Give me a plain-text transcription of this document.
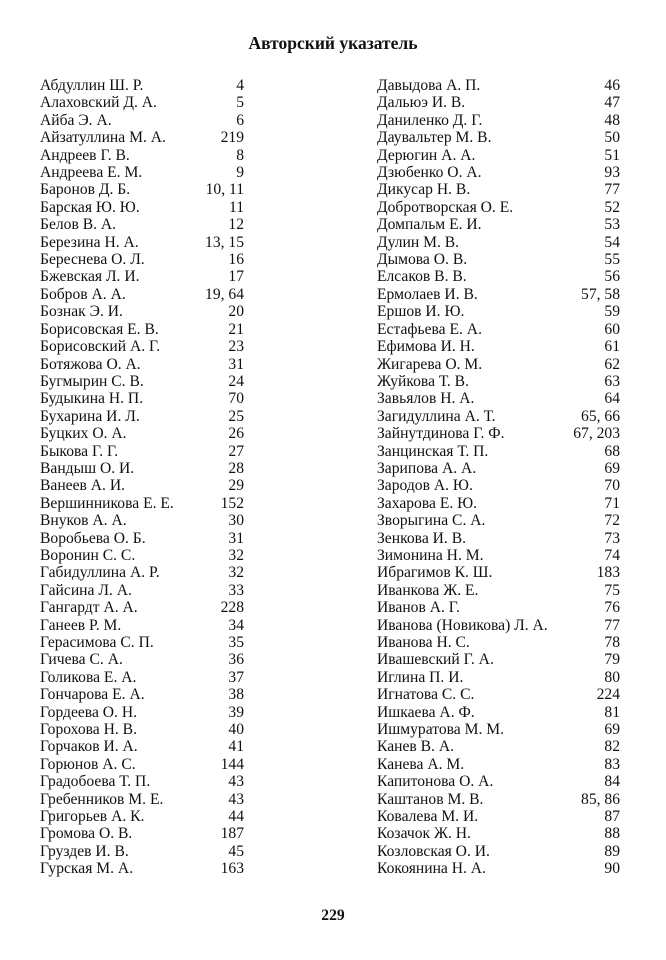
Авторский указатель
Абдуллин Ш. Р.	4
Алаховский Д. А.	5
Айба Э. А.	6
Айзатуллина М. А.	219
Андреев Г. В.	8
Андреева Е. М.	9
Баронов Д. Б.	10, 11
Барская Ю. Ю.	11
Белов В. А.	12
Березина Н. А.	13, 15
Береснева О. Л.	16
Бжевская Л. И.	17
Бобров А. А.	19, 64
Бознак Э. И.	20
Борисовская Е. В.	21
Борисовский А. Г.	23
Ботяжова О. А.	31
Бугмырин С. В.	24
Будыкина Н. П.	70
Бухарина И. Л.	25
Буцких О. А.	26
Быкова Г. Г.	27
Вандыш О. И.	28
Ванеев А. И.	29
Вершинникова Е. Е.	152
Внуков А. А.	30
Воробьева О. Б.	31
Воронин С. С.	32
Габидуллина А. Р.	32
Гайсина Л. А.	33
Гангардт А. А.	228
Ганеев Р. М.	34
Герасимова С. П.	35
Гичева С. А.	36
Голикова Е. А.	37
Гончарова Е. А.	38
Гордеева О. Н.	39
Горохова Н. В.	40
Горчаков И. А.	41
Горюнов А. С.	144
Градобоева Т. П.	43
Гребенников М. Е.	43
Григорьев А. К.	44
Громова О. В.	187
Груздев И. В.	45
Гурская М. А.	163
Давыдова А. П.	46
Дальюэ И. В.	47
Даниленко Д. Г.	48
Даувальтер М. В.	50
Дерюгин А. А.	51
Дзюбенко О. А.	93
Дикусар Н. В.	77
Добротворская О. Е.	52
Домпальм Е. И.	53
Дулин М. В.	54
Дымова О. В.	55
Елсаков В. В.	56
Ермолаев И. В.	57, 58
Ершов И. Ю.	59
Естафьева Е. А.	60
Ефимова И. Н.	61
Жигарева О. М.	62
Жуйкова Т. В.	63
Завьялов Н. А.	64
Загидуллина А. Т.	65, 66
Зайнутдинова Г. Ф.	67, 203
Занцинская Т. П.	68
Зарипова А. А.	69
Зародов А. Ю.	70
Захарова Е. Ю.	71
Зворыгина С. А.	72
Зенкова И. В.	73
Зимонина Н. М.	74
Ибрагимов К. Ш.	183
Иванкова Ж. Е.	75
Иванов А. Г.	76
Иванова (Новикова) Л. А.	77
Иванова Н. С.	78
Ивашевский Г. А.	79
Иглина П. И.	80
Игнатова С. С.	224
Ишкаева А. Ф.	81
Ишмуратова М. М.	69
Канев В. А.	82
Канева А. М.	83
Капитонова О. А.	84
Каштанов М. В.	85, 86
Ковалева М. И.	87
Козачок Ж. Н.	88
Козловская О. И.	89
Кокоянина Н. А.	90
229
